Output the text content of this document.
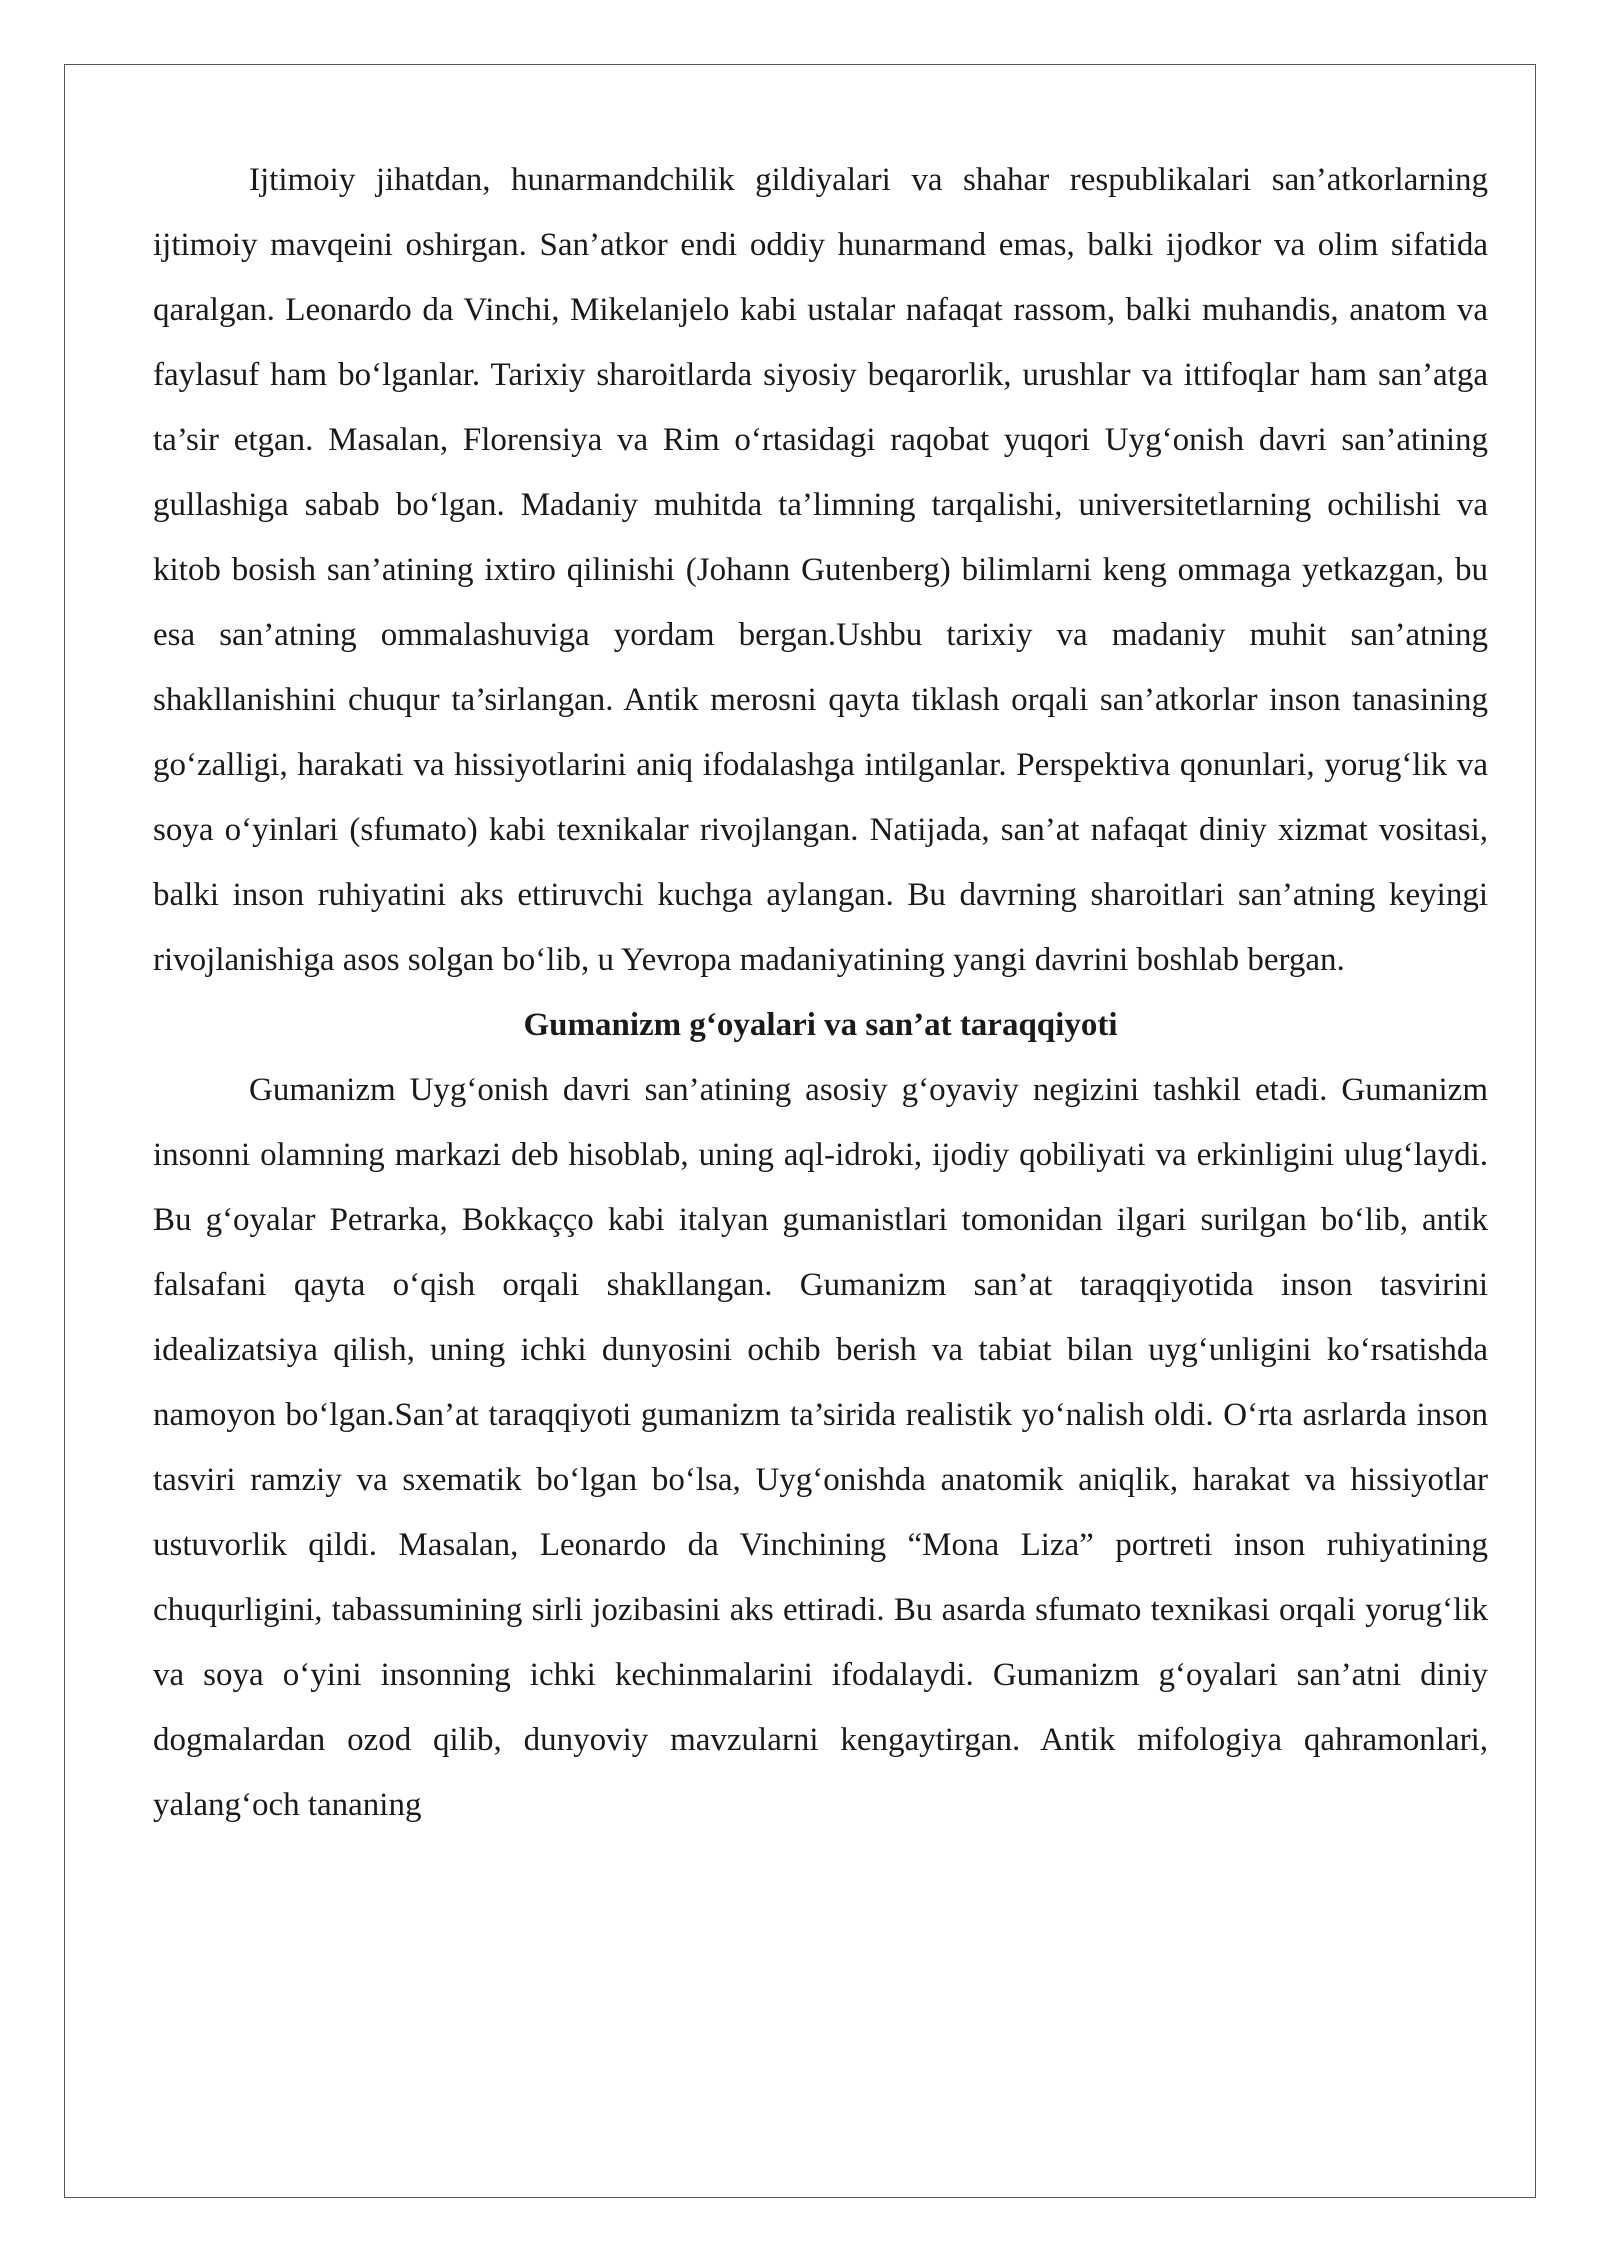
Ijtimoiy jihatdan, hunarmandchilik gildiyalari va shahar respublikalari san’atkorlarning ijtimoiy mavqeini oshirgan. San’atkor endi oddiy hunarmand emas, balki ijodkor va olim sifatida qaralgan. Leonardo da Vinchi, Mikelanjelo kabi ustalar nafaqat rassom, balki muhandis, anatom va faylasuf ham bo‘lganlar. Tarixiy sharoitlarda siyosiy beqarorlik, urushlar va ittifoqlar ham san’atga ta’sir etgan. Masalan, Florensiya va Rim o‘rtasidagi raqobat yuqori Uyg‘onish davri san’atining gullashiga sabab bo‘lgan. Madaniy muhitda ta’limning tarqalishi, universitetlarning ochilishi va kitob bosish san’atining ixtiro qilinishi (Johann Gutenberg) bilimlarni keng ommaga yetkazgan, bu esa san’atning ommalashuviga yordam bergan.Ushbu tarixiy va madaniy muhit san’atning shakllanishini chuqur ta’sirlangan. Antik merosni qayta tiklash orqali san’atkorlar inson tanasining go‘zalligi, harakati va hissiyotlarini aniq ifodalashga intilganlar. Perspektiva qonunlari, yorug‘lik va soya o‘yinlari (sfumato) kabi texnikalar rivojlangan. Natijada, san’at nafaqat diniy xizmat vositasi, balki inson ruhiyatini aks ettiruvchi kuchga aylangan. Bu davrning sharoitlari san’atning keyingi rivojlanishiga asos solgan bo‘lib, u Yevropa madaniyatining yangi davrini boshlab bergan.

Gumanizm g‘oyalari va san’at taraqqiyoti

Gumanizm Uyg‘onish davri san’atining asosiy g‘oyaviy negizini tashkil etadi. Gumanizm insonni olamning markazi deb hisoblab, uning aql-idroki, ijodiy qobiliyati va erkinligini ulug‘laydi. Bu g‘oyalar Petrarka, Bokkaçço kabi italyan gumanistlari tomonidan ilgari surilgan bo‘lib, antik falsafani qayta o‘qish orqali shakllangan. Gumanizm san’at taraqqiyotida inson tasvirini idealizatsiya qilish, uning ichki dunyosini ochib berish va tabiat bilan uyg‘unligini ko‘rsatishda namoyon bo‘lgan.San’at taraqqiyoti gumanizm ta’sirida realistik yo‘nalish oldi. O‘rta asrlarda inson tasviri ramziy va sxematik bo‘lgan bo‘lsa, Uyg‘onishda anatomik aniqlik, harakat va hissiyotlar ustuvorlik qildi. Masalan, Leonardo da Vinchining “Mona Liza” portreti inson ruhiyatining chuqurligini, tabassumining sirli jozibasini aks ettiradi. Bu asarda sfumato texnikasi orqali yorug‘lik va soya o‘yini insonning ichki kechinmalarini ifodalaydi. Gumanizm g‘oyalari san’atni diniy dogmalardan ozod qilib, dunyoviy mavzularni kengaytirgan. Antik mifologiya qahramonlari, yalang‘och tananing
